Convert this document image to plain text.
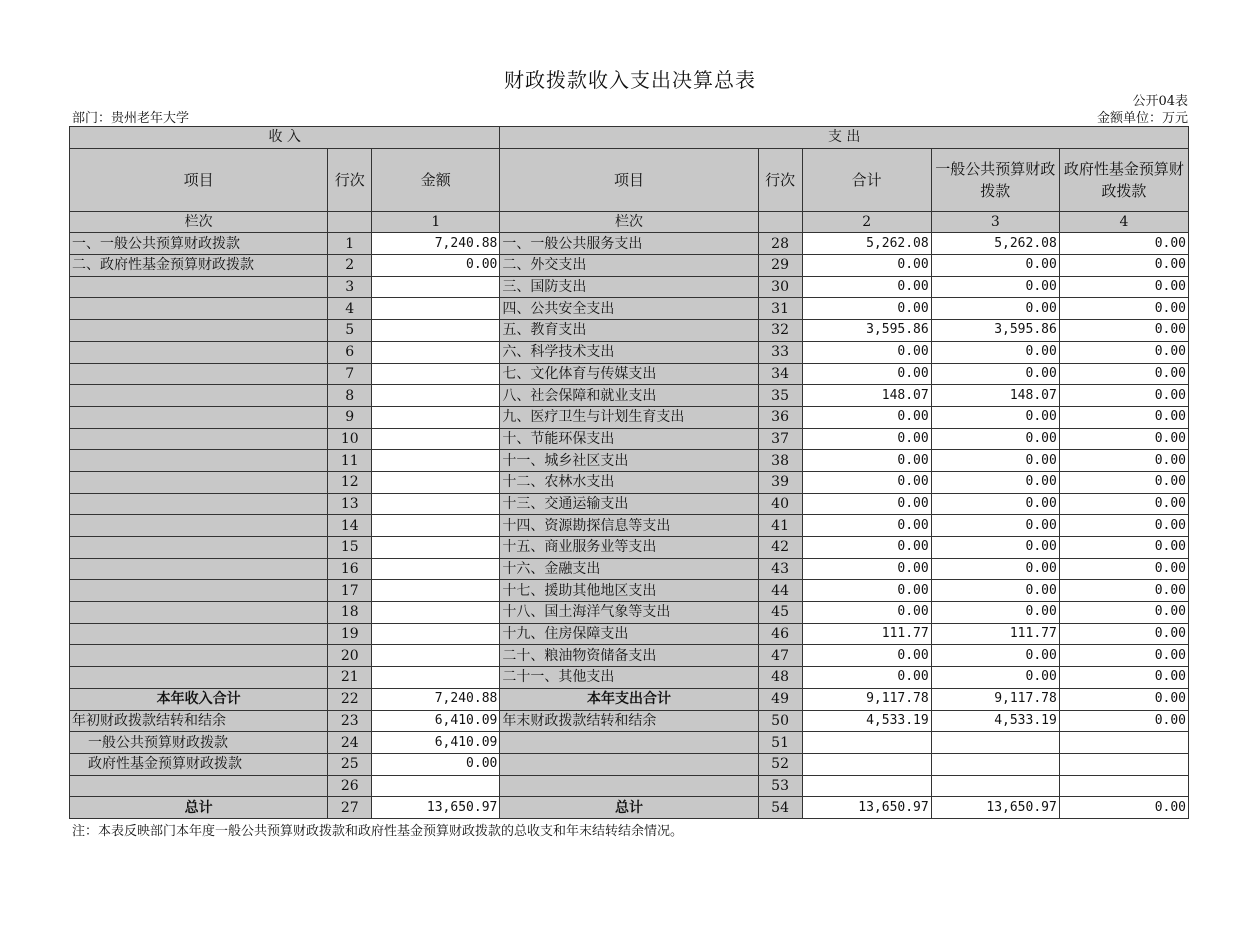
财政拨款收入支出决算总表
公开04表
部门：贵州老年大学	金额单位：万元
收 入			支 出				
项目	行次	金额	项目	行次	合计	一般公共预算财政拨款	政府性基金预算财政拨款
栏次		1	栏次		2	3	4
一、一般公共预算财政拨款	1	7,240.88	一、一般公共服务支出	28	5,262.08	5,262.08	0.00
二、政府性基金预算财政拨款	2	0.00	二、外交支出	29	0.00	0.00	0.00
	3		三、国防支出	30	0.00	0.00	0.00
	4		四、公共安全支出	31	0.00	0.00	0.00
	5		五、教育支出	32	3,595.86	3,595.86	0.00
	6		六、科学技术支出	33	0.00	0.00	0.00
	7		七、文化体育与传媒支出	34	0.00	0.00	0.00
	8		八、社会保障和就业支出	35	148.07	148.07	0.00
	9		九、医疗卫生与计划生育支出	36	0.00	0.00	0.00
	10		十、节能环保支出	37	0.00	0.00	0.00
	11		十一、城乡社区支出	38	0.00	0.00	0.00
	12		十二、农林水支出	39	0.00	0.00	0.00
	13		十三、交通运输支出	40	0.00	0.00	0.00
	14		十四、资源勘探信息等支出	41	0.00	0.00	0.00
	15		十五、商业服务业等支出	42	0.00	0.00	0.00
	16		十六、金融支出	43	0.00	0.00	0.00
	17		十七、援助其他地区支出	44	0.00	0.00	0.00
	18		十八、国土海洋气象等支出	45	0.00	0.00	0.00
	19		十九、住房保障支出	46	111.77	111.77	0.00
	20		二十、粮油物资储备支出	47	0.00	0.00	0.00
	21		二十一、其他支出	48	0.00	0.00	0.00
本年收入合计	22	7,240.88	本年支出合计	49	9,117.78	9,117.78	0.00
年初财政拨款结转和结余	23	6,410.09	年末财政拨款结转和结余	50	4,533.19	4,533.19	0.00
一般公共预算财政拨款	24	6,410.09		51			
政府性基金预算财政拨款	25	0.00		52			
	26			53			
总计	27	13,650.97	总计	54	13,650.97	13,650.97	0.00
注：本表反映部门本年度一般公共预算财政拨款和政府性基金预算财政拨款的总收支和年末结转结余情况。
